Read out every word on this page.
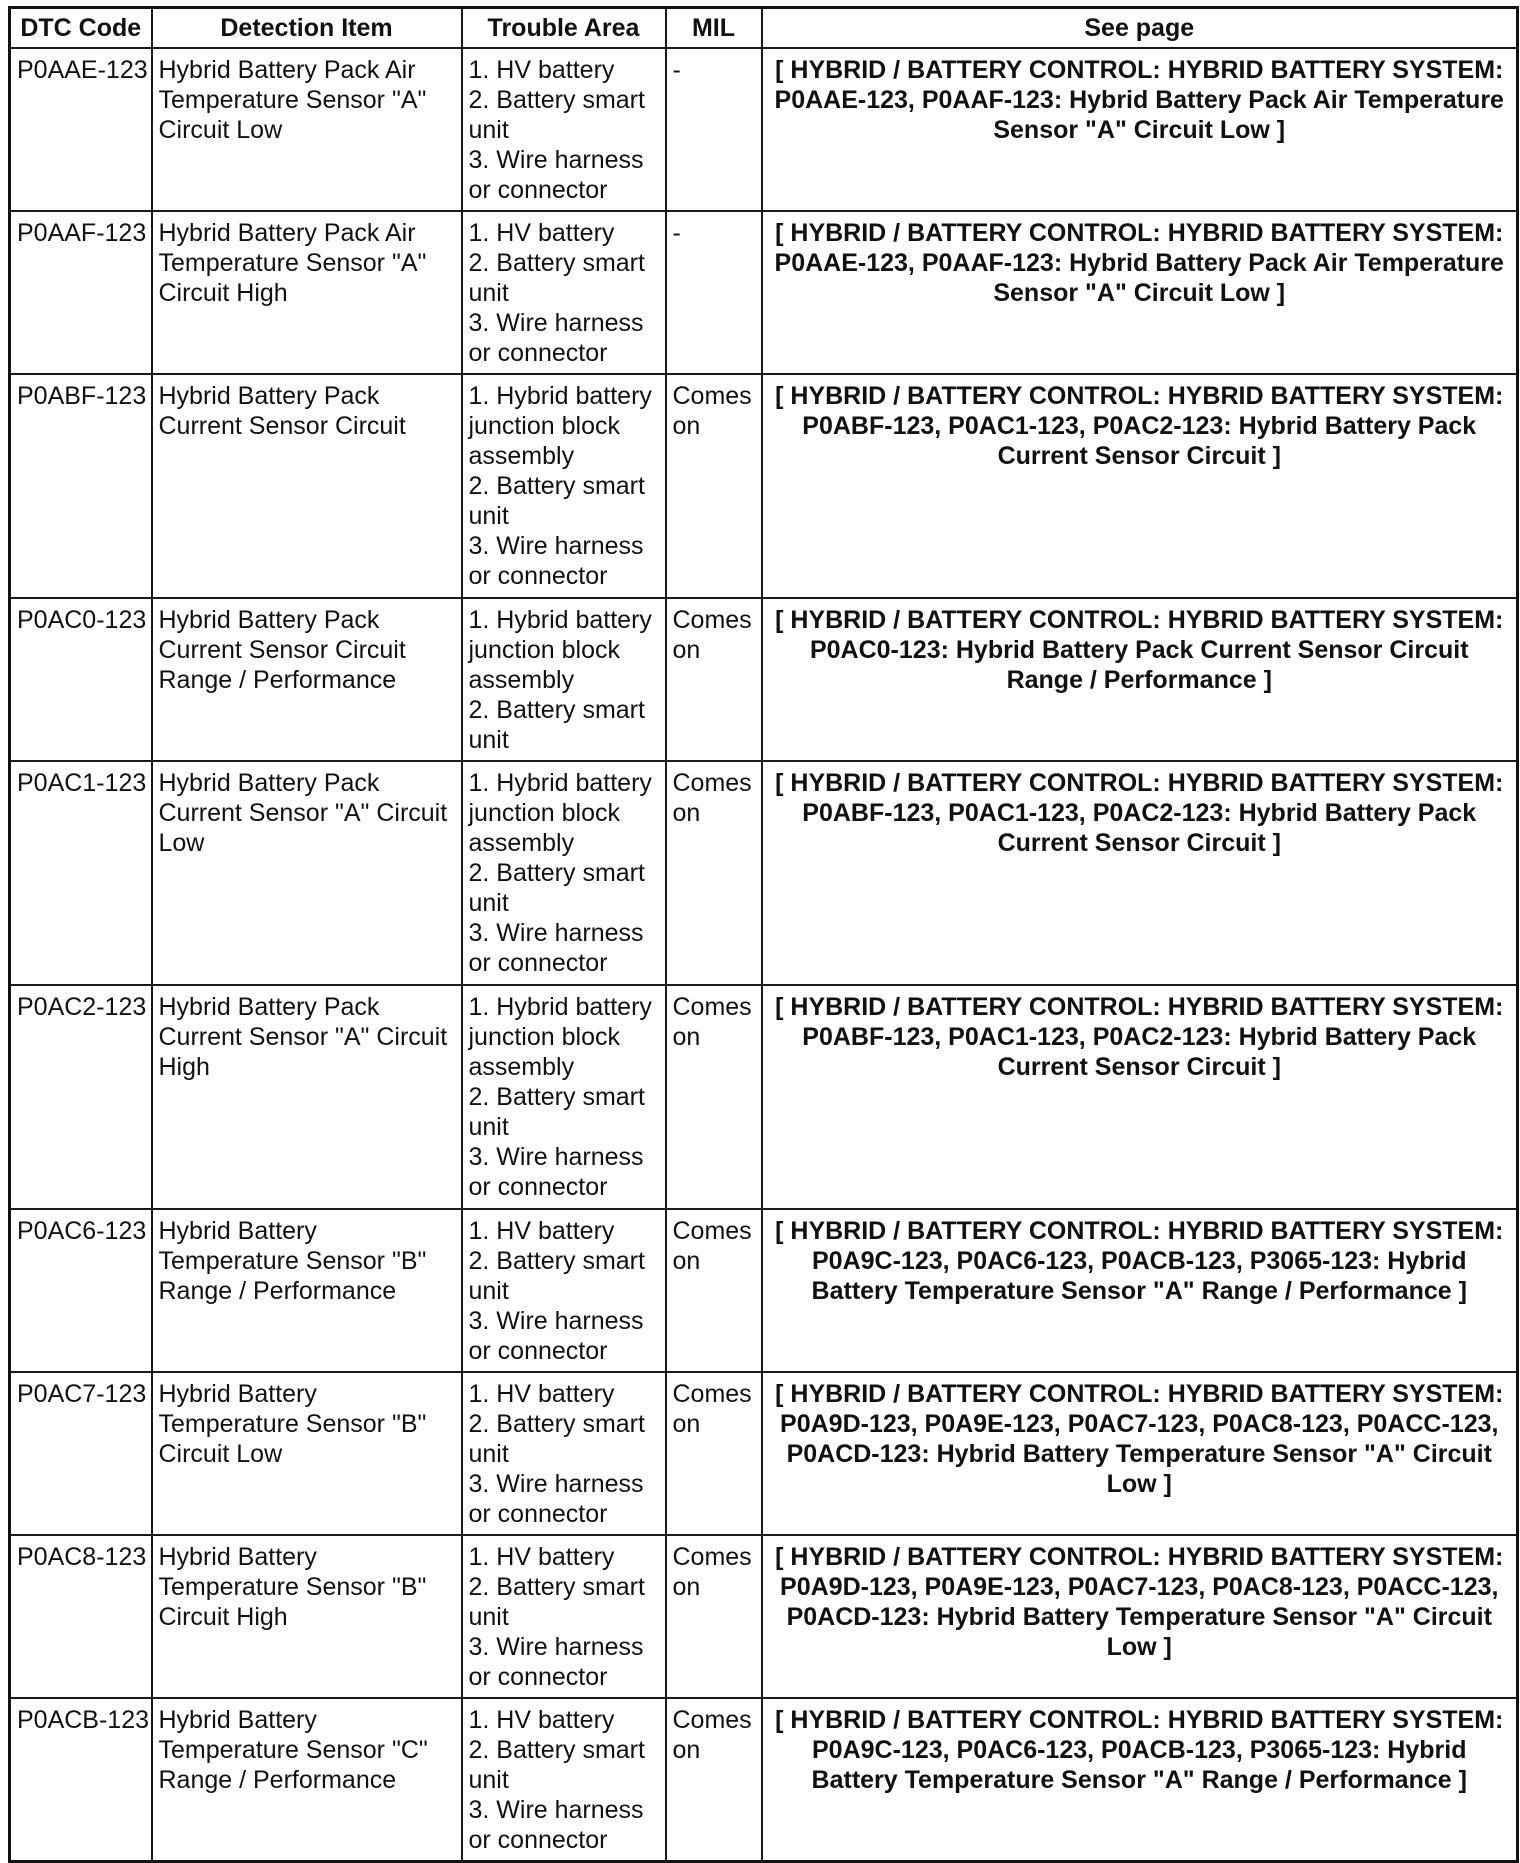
DTC Code	Detection Item	Trouble Area	MIL	See page
P0AAE-123	Hybrid Battery Pack Air Temperature Sensor "A" Circuit Low	1. HV battery
2. Battery smart unit
3. Wire harness or connector	-	[ HYBRID / BATTERY CONTROL: HYBRID BATTERY SYSTEM: P0AAE-123, P0AAF-123: Hybrid Battery Pack Air Temperature Sensor "A" Circuit Low ]
P0AAF-123	Hybrid Battery Pack Air Temperature Sensor "A" Circuit High	1. HV battery
2. Battery smart unit
3. Wire harness or connector	-	[ HYBRID / BATTERY CONTROL: HYBRID BATTERY SYSTEM: P0AAE-123, P0AAF-123: Hybrid Battery Pack Air Temperature Sensor "A" Circuit Low ]
P0ABF-123	Hybrid Battery Pack Current Sensor Circuit	1. Hybrid battery junction block assembly
2. Battery smart unit
3. Wire harness or connector	Comes on	[ HYBRID / BATTERY CONTROL: HYBRID BATTERY SYSTEM: P0ABF-123, P0AC1-123, P0AC2-123: Hybrid Battery Pack Current Sensor Circuit ]
P0AC0-123	Hybrid Battery Pack Current Sensor Circuit Range / Performance	1. Hybrid battery junction block assembly
2. Battery smart unit	Comes on	[ HYBRID / BATTERY CONTROL: HYBRID BATTERY SYSTEM: P0AC0-123: Hybrid Battery Pack Current Sensor Circuit Range / Performance ]
P0AC1-123	Hybrid Battery Pack Current Sensor "A" Circuit Low	1. Hybrid battery junction block assembly
2. Battery smart unit
3. Wire harness or connector	Comes on	[ HYBRID / BATTERY CONTROL: HYBRID BATTERY SYSTEM: P0ABF-123, P0AC1-123, P0AC2-123: Hybrid Battery Pack Current Sensor Circuit ]
P0AC2-123	Hybrid Battery Pack Current Sensor "A" Circuit High	1. Hybrid battery junction block assembly
2. Battery smart unit
3. Wire harness or connector	Comes on	[ HYBRID / BATTERY CONTROL: HYBRID BATTERY SYSTEM: P0ABF-123, P0AC1-123, P0AC2-123: Hybrid Battery Pack Current Sensor Circuit ]
P0AC6-123	Hybrid Battery Temperature Sensor "B" Range / Performance	1. HV battery
2. Battery smart unit
3. Wire harness or connector	Comes on	[ HYBRID / BATTERY CONTROL: HYBRID BATTERY SYSTEM: P0A9C-123, P0AC6-123, P0ACB-123, P3065-123: Hybrid Battery Temperature Sensor "A" Range / Performance ]
P0AC7-123	Hybrid Battery Temperature Sensor "B" Circuit Low	1. HV battery
2. Battery smart unit
3. Wire harness or connector	Comes on	[ HYBRID / BATTERY CONTROL: HYBRID BATTERY SYSTEM: P0A9D-123, P0A9E-123, P0AC7-123, P0AC8-123, P0ACC-123, P0ACD-123: Hybrid Battery Temperature Sensor "A" Circuit Low ]
P0AC8-123	Hybrid Battery Temperature Sensor "B" Circuit High	1. HV battery
2. Battery smart unit
3. Wire harness or connector	Comes on	[ HYBRID / BATTERY CONTROL: HYBRID BATTERY SYSTEM: P0A9D-123, P0A9E-123, P0AC7-123, P0AC8-123, P0ACC-123, P0ACD-123: Hybrid Battery Temperature Sensor "A" Circuit Low ]
P0ACB-123	Hybrid Battery Temperature Sensor "C" Range / Performance	1. HV battery
2. Battery smart unit
3. Wire harness or connector	Comes on	[ HYBRID / BATTERY CONTROL: HYBRID BATTERY SYSTEM: P0A9C-123, P0AC6-123, P0ACB-123, P3065-123: Hybrid Battery Temperature Sensor "A" Range / Performance ]
